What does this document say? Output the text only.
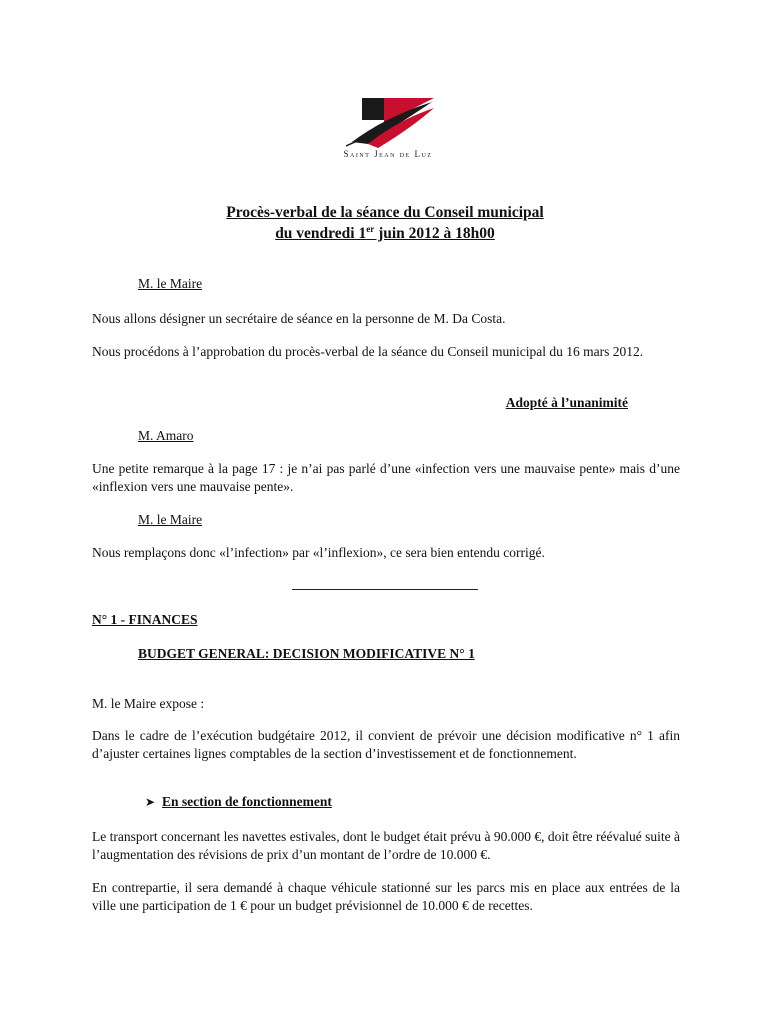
Saint Jean de Luz
Procès-verbal de la séance du Conseil municipal
du vendredi 1er juin 2012 à 18h00
M. le Maire
Nous allons désigner un secrétaire de séance en la personne de M. Da Costa.
Nous procédons à l’approbation du procès-verbal de la séance du Conseil municipal du 16 mars 2012.
Adopté à l’unanimité
M. Amaro
Une petite remarque à la page 17 : je n’ai pas parlé d’une «infection vers une mauvaise pente» mais d’une «inflexion vers une mauvaise pente».
M. le Maire
Nous remplaçons donc «l’infection» par «l’inflexion», ce sera bien entendu corrigé.
N° 1 - FINANCES
BUDGET GENERAL: DECISION MODIFICATIVE N° 1
M. le Maire expose :
Dans le cadre de l’exécution budgétaire 2012, il convient de prévoir une décision modificative n° 1 afin d’ajuster certaines lignes comptables de la section d’investissement et de fonctionnement.
➤ En section de fonctionnement
Le transport concernant les navettes estivales, dont le budget était prévu à 90.000 €, doit être réévalué suite à l’augmentation des révisions de prix d’un montant de l’ordre de 10.000 €.
En contrepartie, il sera demandé à chaque véhicule stationné sur les parcs mis en place aux entrées de la ville une participation de 1 € pour un budget prévisionnel de 10.000 € de recettes.
